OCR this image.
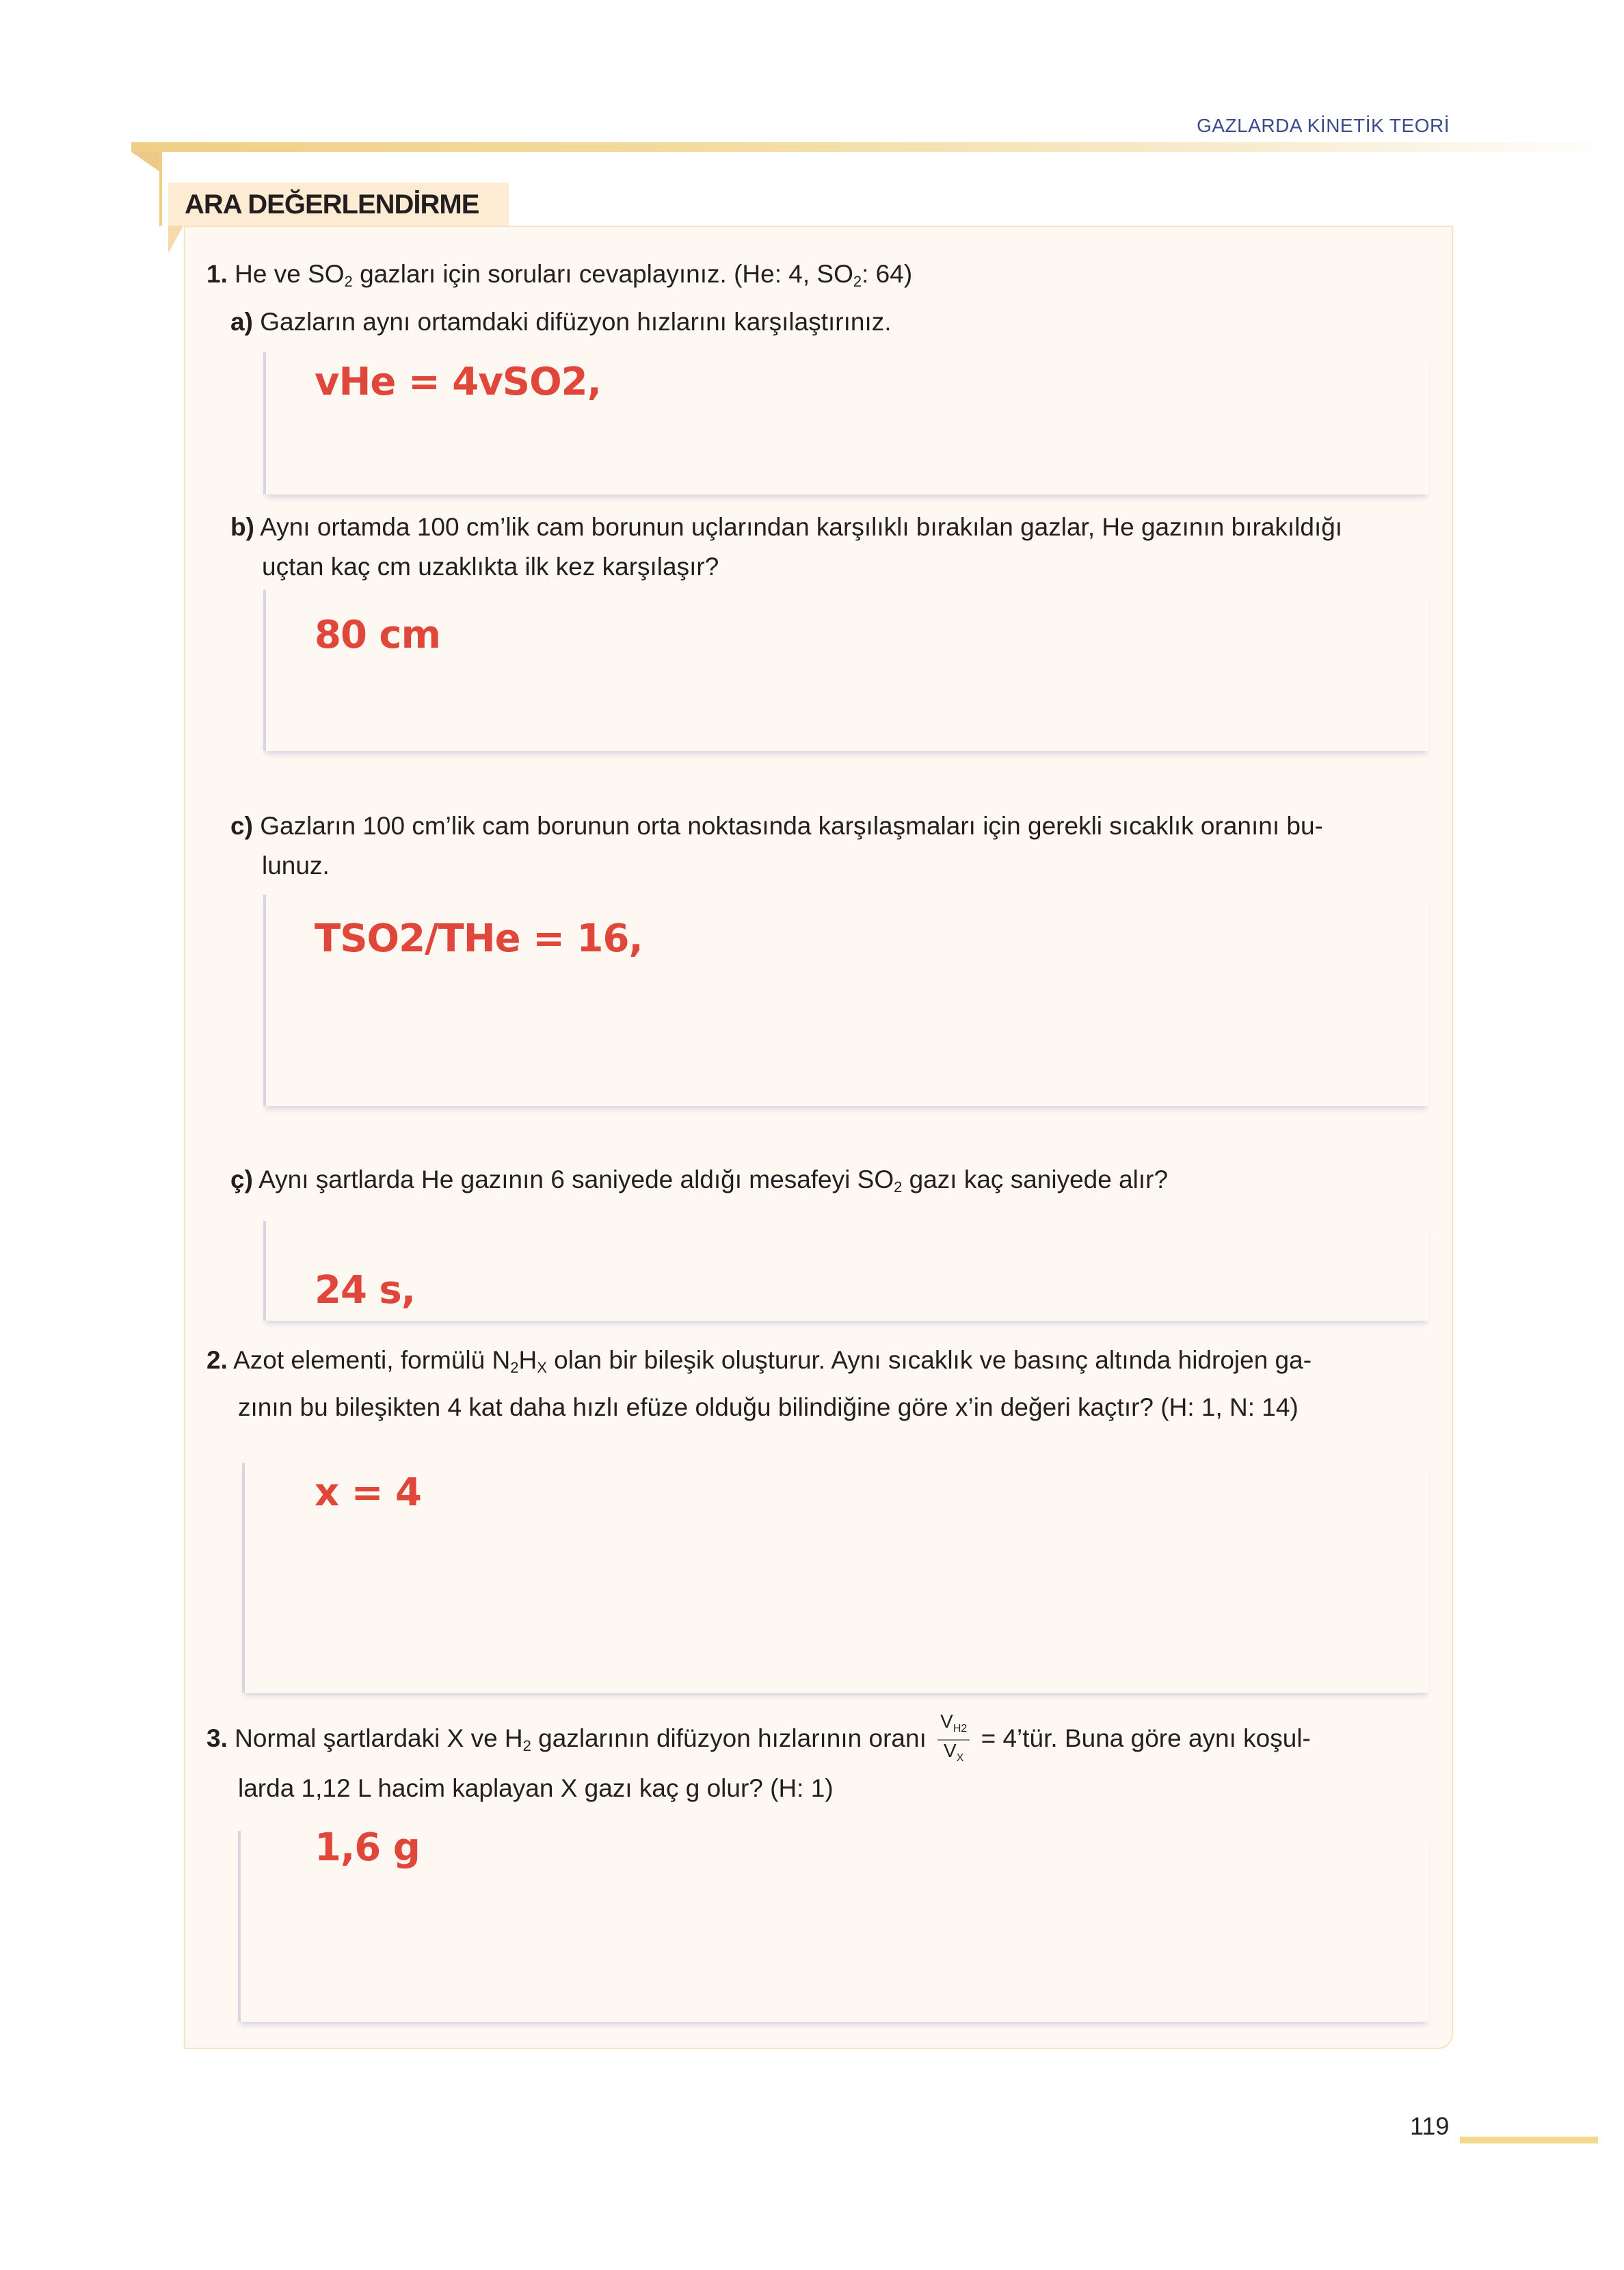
GAZLARDA KİNETİK TEORİ
ARA DEĞERLENDİRME
1. He ve $SO_2$ gazları için soruları cevaplayınız. (He: 4, $SO_2$: 64)
a) Gazların aynı ortamdaki difüzyon hızlarını karşılaştırınız.
vHe = 4vSO2,
b) Aynı ortamda 100 cm’lik cam borunun uçlarından karşılıklı bırakılan gazlar, He gazının bırakıldığı
uçtan kaç cm uzaklıkta ilk kez karşılaşır?
80 cm
c) Gazların 100 cm’lik cam borunun orta noktasında karşılaşmaları için gerekli sıcaklık oranını bu-
lunuz.
TSO2/THe = 16,
ç) Aynı şartlarda He gazının 6 saniyede aldığı mesafeyi $SO_2$ gazı kaç saniyede alır?
24 s,
2. Azot elementi, formülü $N_2H_X$ olan bir bileşik oluşturur. Aynı sıcaklık ve basınç altında hidrojen ga-
zının bu bileşikten 4 kat daha hızlı efüze olduğu bilindiğine göre x’in değeri kaçtır? (H: 1, N: 14)
x = 4
3. Normal şartlardaki X ve $H_2$ gazlarının difüzyon hızlarının oranı $\frac{V_{H2}}{V_X}$ = 4’tür. Buna göre aynı koşul-
larda 1,12 L hacim kaplayan X gazı kaç g olur? (H: 1)
1,6 g
119
